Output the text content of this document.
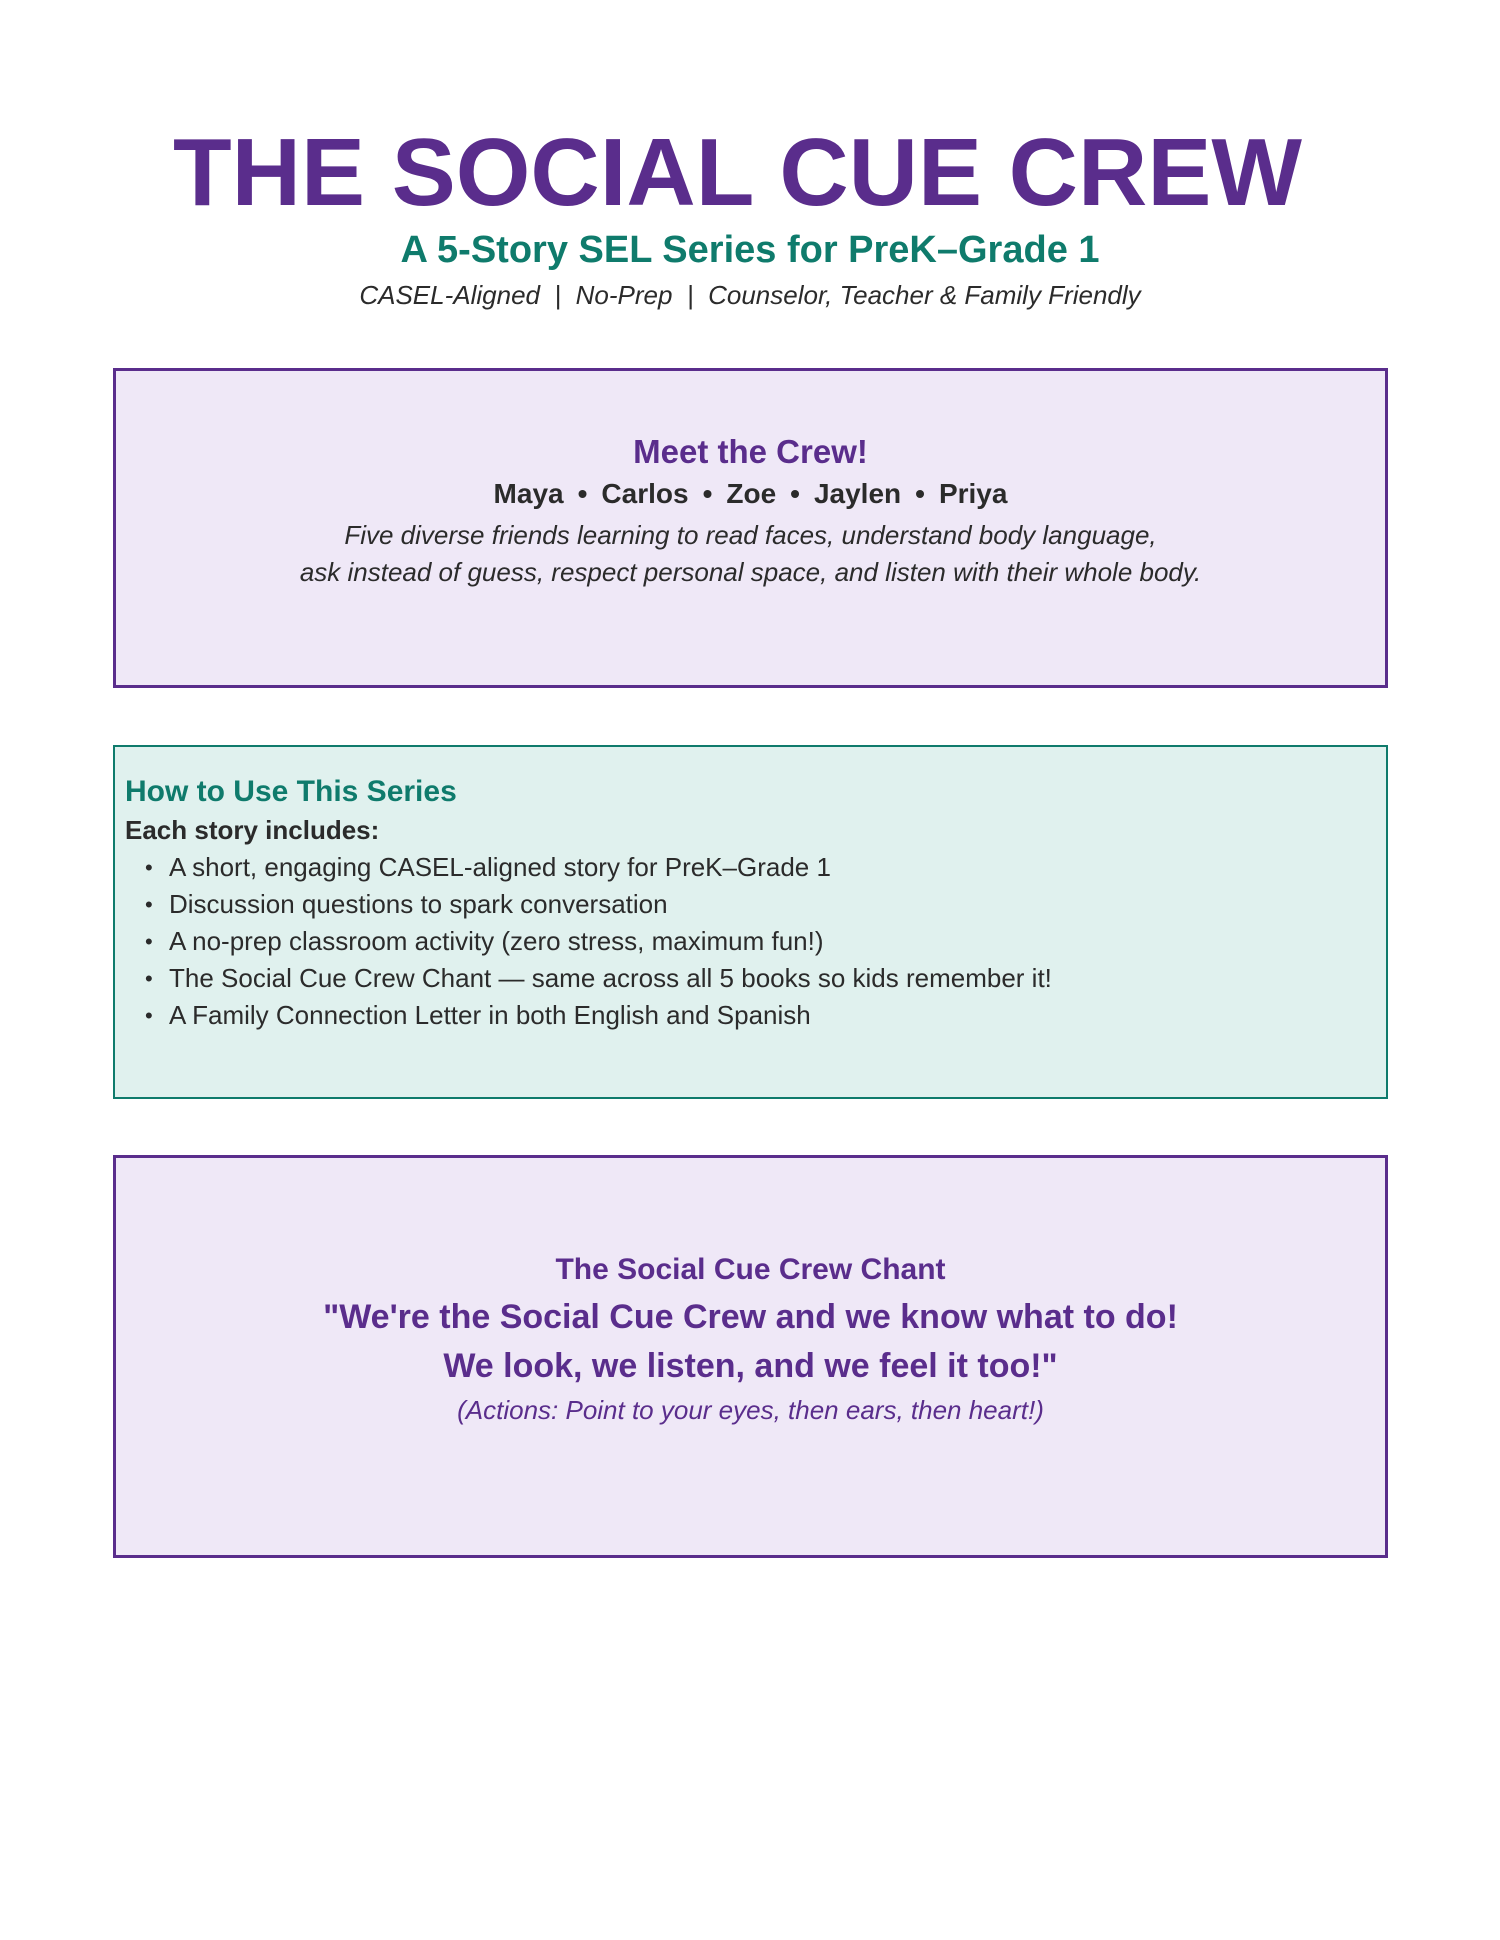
THE SOCIAL CUE CREW
A 5-Story SEL Series for PreK–Grade 1
CASEL-Aligned  |  No-Prep  |  Counselor, Teacher & Family Friendly
Meet the Crew!
Maya • Carlos • Zoe • Jaylen • Priya
Five diverse friends learning to read faces, understand body language,
ask instead of guess, respect personal space, and listen with their whole body.
How to Use This Series
Each story includes:
• A short, engaging CASEL-aligned story for PreK–Grade 1
• Discussion questions to spark conversation
• A no-prep classroom activity (zero stress, maximum fun!)
• The Social Cue Crew Chant — same across all 5 books so kids remember it!
• A Family Connection Letter in both English and Spanish
The Social Cue Crew Chant
"We're the Social Cue Crew and we know what to do!
We look, we listen, and we feel it too!"
(Actions: Point to your eyes, then ears, then heart!)
